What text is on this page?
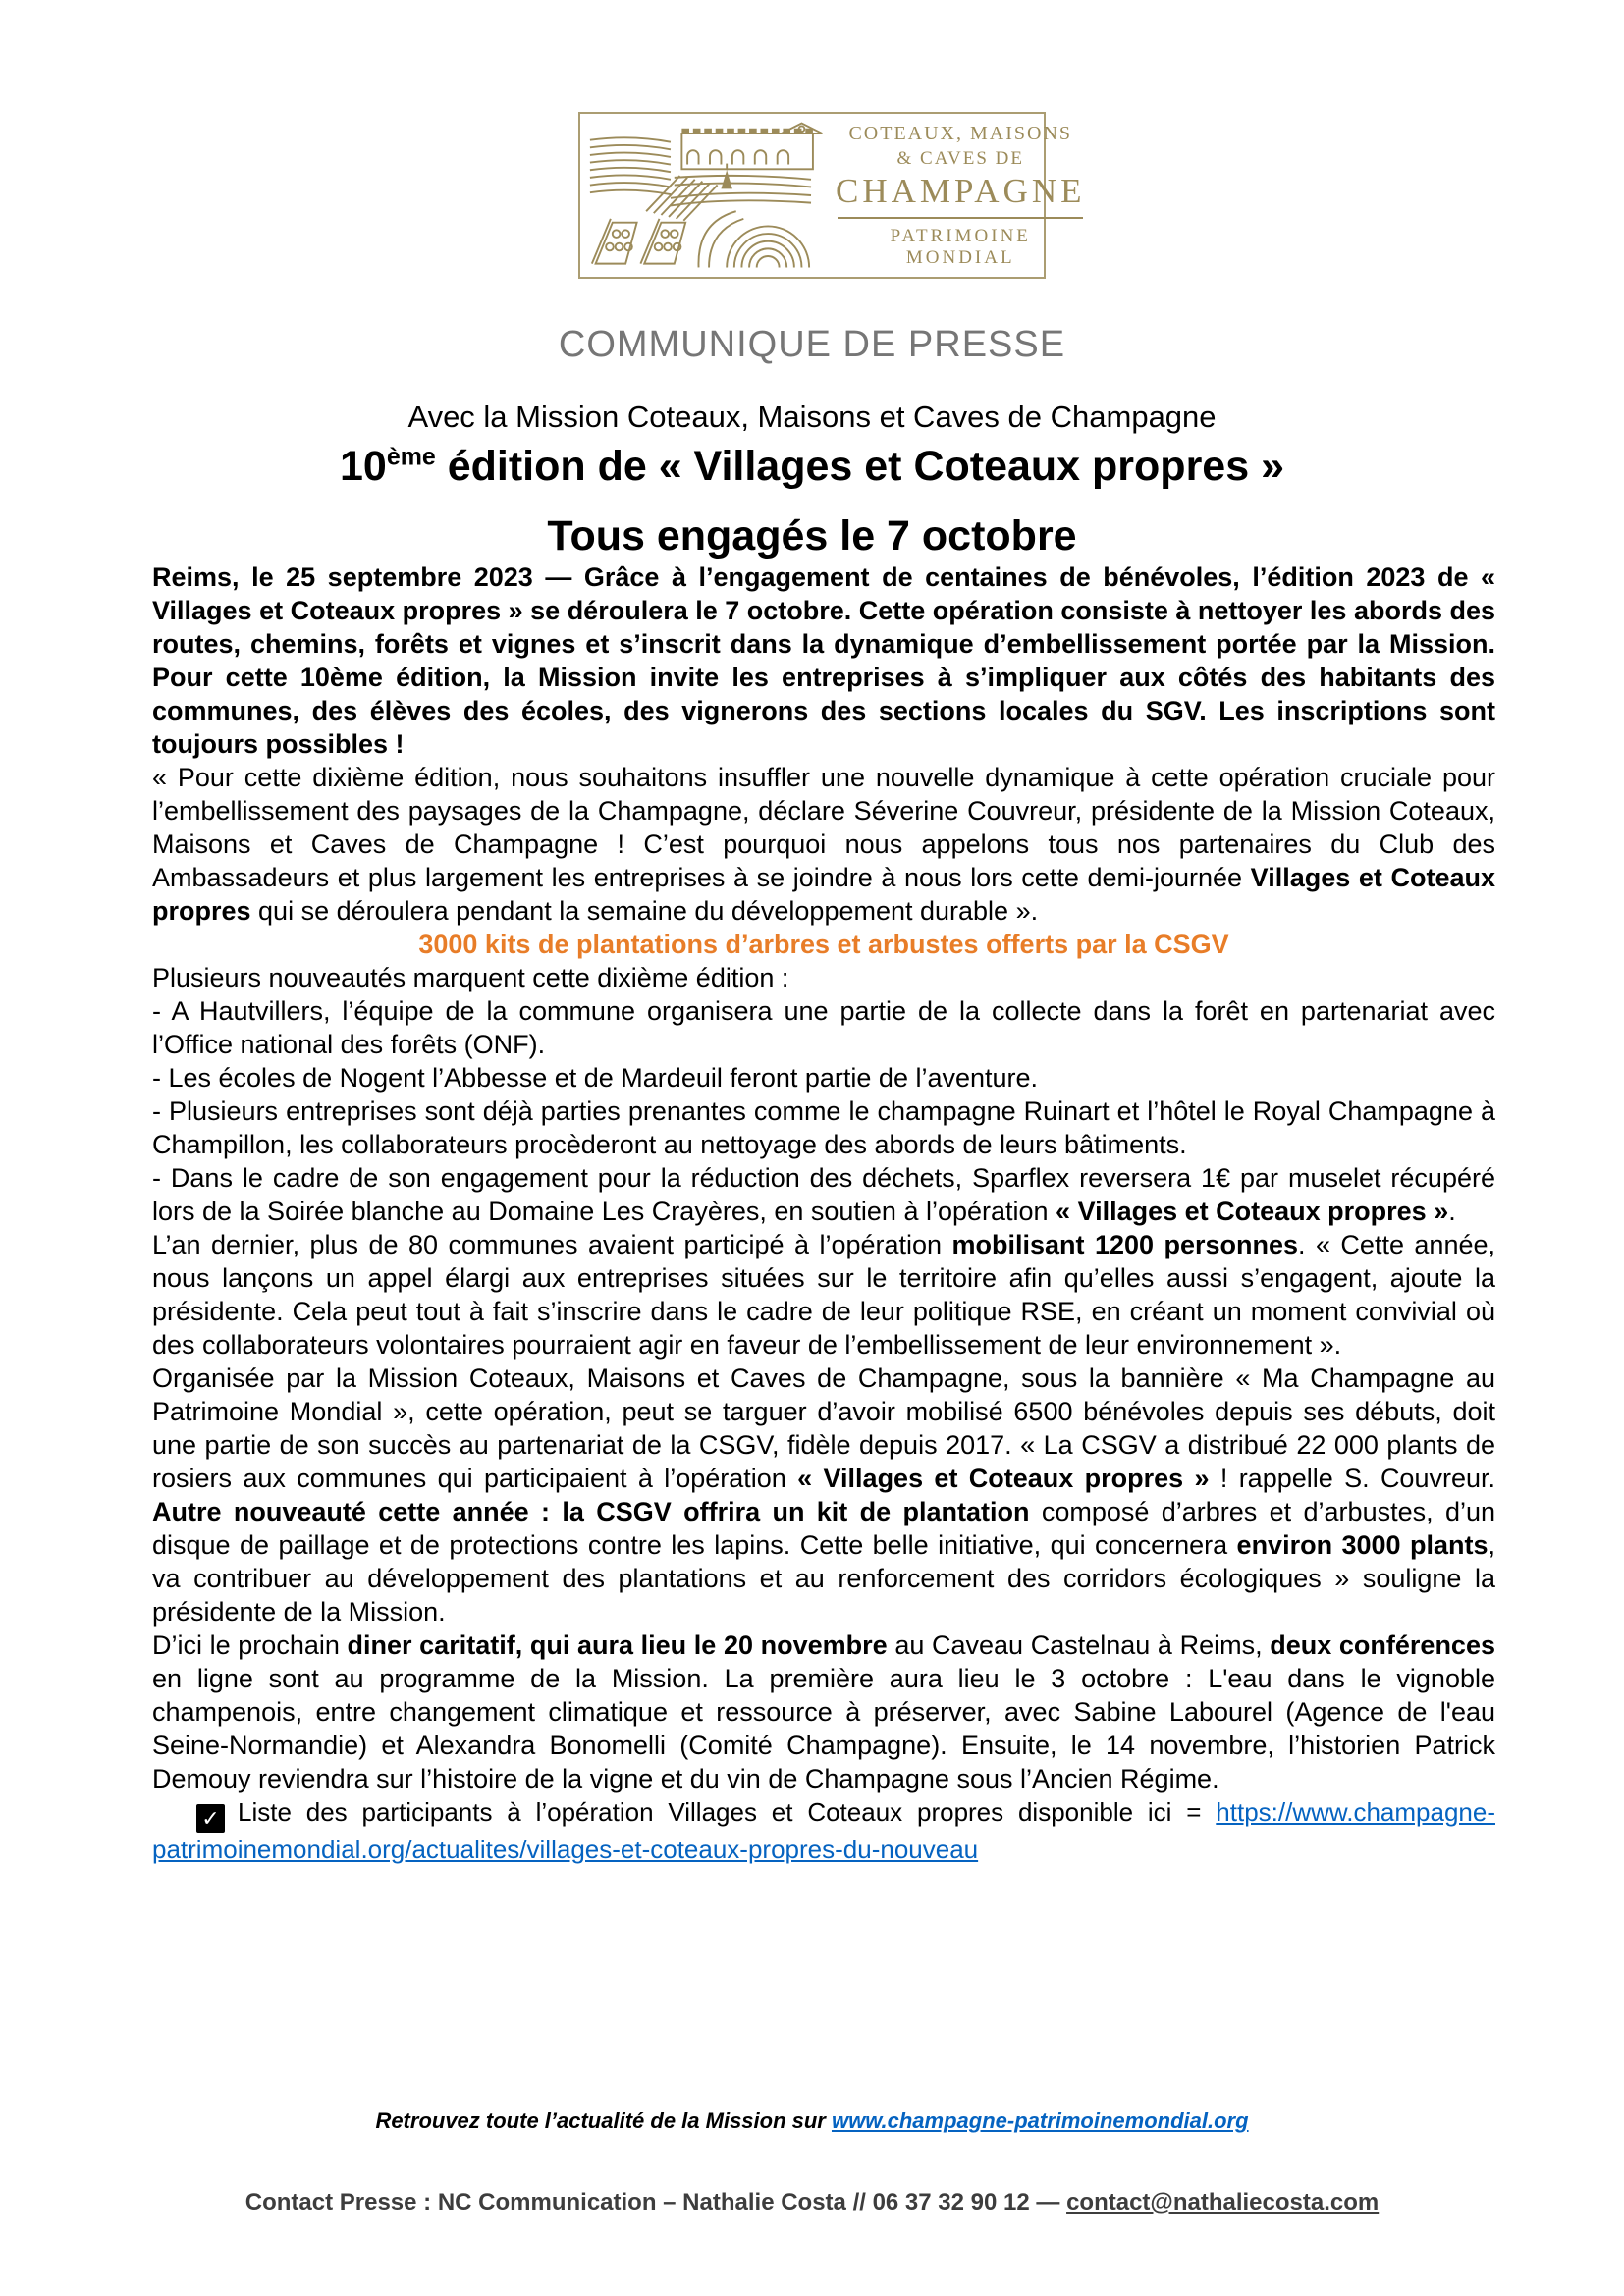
COTEAUX, MAISONS
& CAVES DE
CHAMPAGNE
PATRIMOINE MONDIAL
COMMUNIQUE DE PRESSE
Avec la Mission Coteaux, Maisons et Caves de Champagne
10ème édition de « Villages et Coteaux propres »
Tous engagés le 7 octobre

Reims, le 25 septembre 2023 — Grâce à l’engagement de centaines de bénévoles, l’édition 2023 de « Villages et Coteaux propres » se déroulera le 7 octobre. Cette opération consiste à nettoyer les abords des routes, chemins, forêts et vignes et s’inscrit dans la dynamique d’embellissement portée par la Mission. Pour cette 10ème édition, la Mission invite les entreprises à s’impliquer aux côtés des habitants des communes, des élèves des écoles, des vignerons des sections locales du SGV. Les inscriptions sont toujours possibles !

« Pour cette dixième édition, nous souhaitons insuffler une nouvelle dynamique à cette opération cruciale pour l’embellissement des paysages de la Champagne, déclare Séverine Couvreur, présidente de la Mission Coteaux, Maisons et Caves de Champagne ! C’est pourquoi nous appelons tous nos partenaires du Club des Ambassadeurs et plus largement les entreprises à se joindre à nous lors cette demi-journée Villages et Coteaux propres qui se déroulera pendant la semaine du développement durable ».

3000 kits de plantations d’arbres et arbustes offerts par la CSGV

Plusieurs nouveautés marquent cette dixième édition :

- A Hautvillers, l’équipe de la commune organisera une partie de la collecte dans la forêt en partenariat avec l’Office national des forêts (ONF).

- Les écoles de Nogent l’Abbesse et de Mardeuil feront partie de l’aventure.

- Plusieurs entreprises sont déjà parties prenantes comme le champagne Ruinart et l’hôtel le Royal Champagne à Champillon, les collaborateurs procèderont au nettoyage des abords de leurs bâtiments.

- Dans le cadre de son engagement pour la réduction des déchets, Sparflex reversera 1€ par muselet récupéré lors de la Soirée blanche au Domaine Les Crayères, en soutien à l’opération « Villages et Coteaux propres ».

L’an dernier, plus de 80 communes avaient participé à l’opération mobilisant 1200 personnes. « Cette année, nous lançons un appel élargi aux entreprises situées sur le territoire afin qu’elles aussi s’engagent, ajoute la présidente. Cela peut tout à fait s’inscrire dans le cadre de leur politique RSE, en créant un moment convivial où des collaborateurs volontaires pourraient agir en faveur de l’embellissement de leur environnement ».

Organisée par la Mission Coteaux, Maisons et Caves de Champagne, sous la bannière « Ma Champagne au Patrimoine Mondial », cette opération, peut se targuer d’avoir mobilisé 6500 bénévoles depuis ses débuts, doit une partie de son succès au partenariat de la CSGV, fidèle depuis 2017. « La CSGV a distribué 22 000 plants de rosiers aux communes qui participaient à l’opération « Villages et Coteaux propres » ! rappelle S. Couvreur. Autre nouveauté cette année : la CSGV offrira un kit de plantation composé d’arbres et d’arbustes, d’un disque de paillage et de protections contre les lapins. Cette belle initiative, qui concernera environ 3000 plants, va contribuer au développement des plantations et au renforcement des corridors écologiques » souligne la présidente de la Mission.

D’ici le prochain diner caritatif, qui aura lieu le 20 novembre au Caveau Castelnau à Reims, deux conférences en ligne sont au programme de la Mission. La première aura lieu le 3 octobre : L'eau dans le vignoble champenois, entre changement climatique et ressource à préserver, avec Sabine Labourel (Agence de l'eau Seine-Normandie) et Alexandra Bonomelli (Comité Champagne). Ensuite, le 14 novembre, l’historien Patrick Demouy reviendra sur l’histoire de la vigne et du vin de Champagne sous l’Ancien Régime.

✓ Liste des participants à l’opération Villages et Coteaux propres disponible ici = https://www.champagne-patrimoinemondial.org/actualites/villages-et-coteaux-propres-du-nouveau

Retrouvez toute l’actualité de la Mission sur www.champagne-patrimoinemondial.org
Contact Presse : NC Communication – Nathalie Costa // 06 37 32 90 12 — contact@nathaliecosta.com
